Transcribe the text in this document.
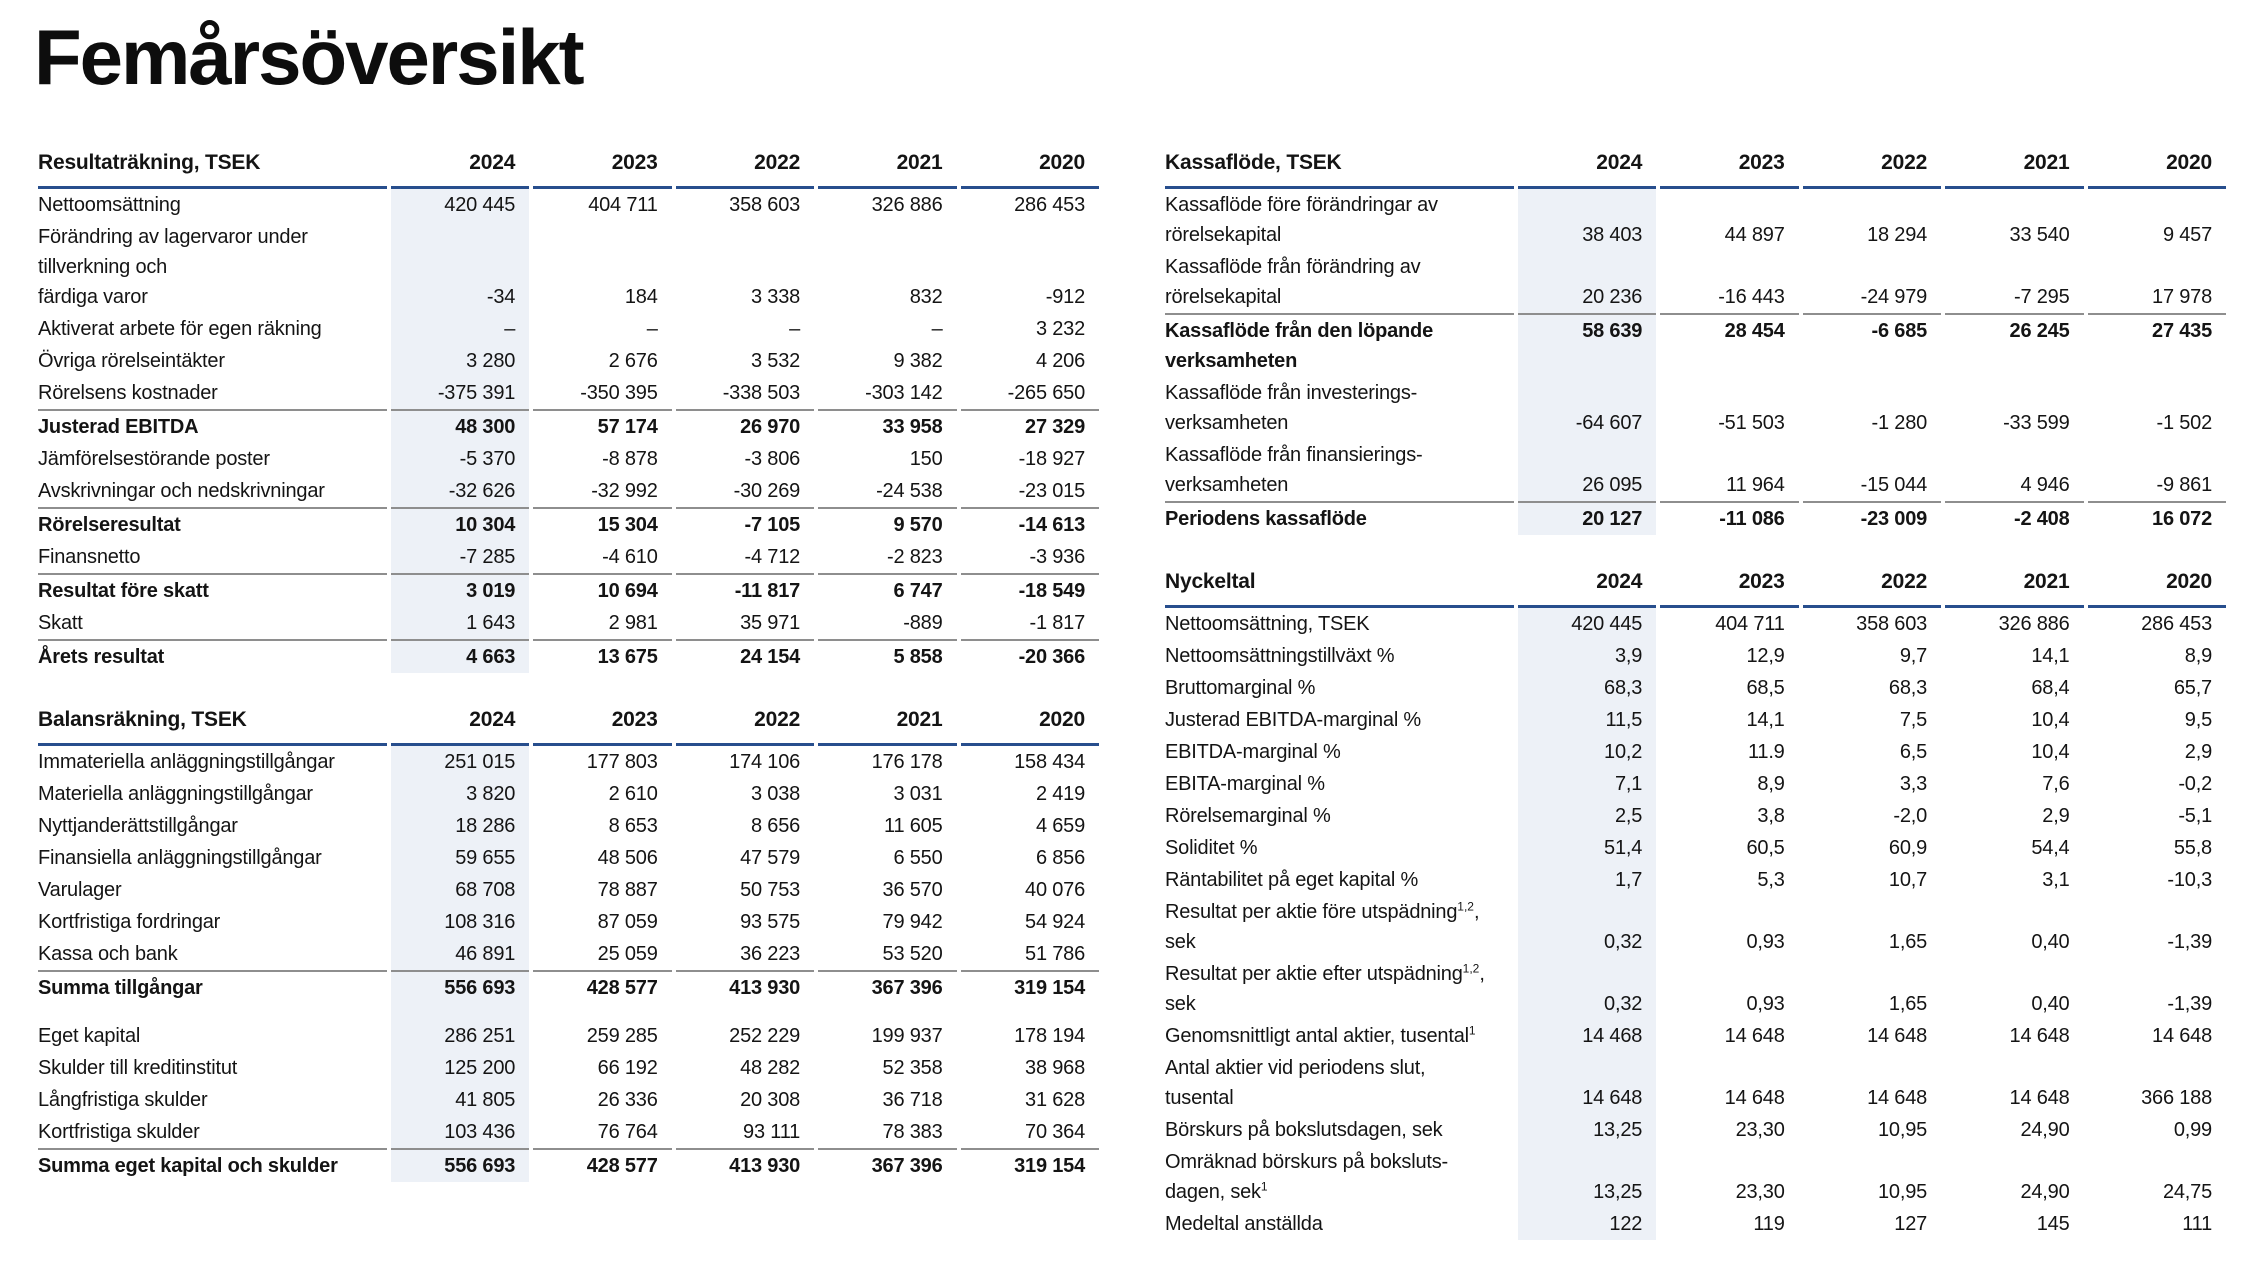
Femårsöversikt
Resultaträkning, TSEK	2024	2023	2022	2021	2020
Nettoomsättning	420 445	404 711	358 603	326 886	286 453
Förändring av lagervaror under
tillverkning och
färdiga varor	-34	184	3 338	832	-912
Aktiverat arbete för egen räkning	–	–	–	–	3 232
Övriga rörelseintäkter	3 280	2 676	3 532	9 382	4 206
Rörelsens kostnader	-375 391	-350 395	-338 503	-303 142	-265 650
Justerad EBITDA	48 300	57 174	26 970	33 958	27 329
Jämförelsestörande poster	-5 370	-8 878	-3 806	150	-18 927
Avskrivningar och nedskrivningar	-32 626	-32 992	-30 269	-24 538	-23 015
Rörelseresultat	10 304	15 304	-7 105	9 570	-14 613
Finansnetto	-7 285	-4 610	-4 712	-2 823	-3 936
Resultat före skatt	3 019	10 694	-11 817	6 747	-18 549
Skatt	1 643	2 981	35 971	-889	-1 817
Årets resultat	4 663	13 675	24 154	5 858	-20 366
Balansräkning, TSEK	2024	2023	2022	2021	2020
Immateriella anläggningstillgångar	251 015	177 803	174 106	176 178	158 434
Materiella anläggningstillgångar	3 820	2 610	3 038	3 031	2 419
Nyttjanderättstillgångar	18 286	8 653	8 656	11 605	4 659
Finansiella anläggningstillgångar	59 655	48 506	47 579	6 550	6 856
Varulager	68 708	78 887	50 753	36 570	40 076
Kortfristiga fordringar	108 316	87 059	93 575	79 942	54 924
Kassa och bank	46 891	25 059	36 223	53 520	51 786
Summa tillgångar	556 693	428 577	413 930	367 396	319 154
Eget kapital	286 251	259 285	252 229	199 937	178 194
Skulder till kreditinstitut	125 200	66 192	48 282	52 358	38 968
Långfristiga skulder	41 805	26 336	20 308	36 718	31 628
Kortfristiga skulder	103 436	76 764	93 111	78 383	70 364
Summa eget kapital och skulder	556 693	428 577	413 930	367 396	319 154
Kassaflöde, TSEK	2024	2023	2022	2021	2020
Kassaflöde före förändringar av
rörelsekapital	38 403	44 897	18 294	33 540	9 457
Kassaflöde från förändring av
rörelsekapital	20 236	-16 443	-24 979	-7 295	17 978
Kassaflöde från den löpande
verksamheten	58 639	28 454	-6 685	26 245	27 435
Kassaflöde från investerings-
verksamheten	-64 607	-51 503	-1 280	-33 599	-1 502
Kassaflöde från finansierings-
verksamheten	26 095	11 964	-15 044	4 946	-9 861
Periodens kassaflöde	20 127	-11 086	-23 009	-2 408	16 072
Nyckeltal	2024	2023	2022	2021	2020
Nettoomsättning, TSEK	420 445	404 711	358 603	326 886	286 453
Nettoomsättningstillväxt %	3,9	12,9	9,7	14,1	8,9
Bruttomarginal %	68,3	68,5	68,3	68,4	65,7
Justerad EBITDA-marginal %	11,5	14,1	7,5	10,4	9,5
EBITDA-marginal %	10,2	11.9	6,5	10,4	2,9
EBITA-marginal %	7,1	8,9	3,3	7,6	-0,2
Rörelsemarginal %	2,5	3,8	-2,0	2,9	-5,1
Soliditet %	51,4	60,5	60,9	54,4	55,8
Räntabilitet på eget kapital %	1,7	5,3	10,7	3,1	-10,3
Resultat per aktie före utspädning$^{1,2}$,
sek	0,32	0,93	1,65	0,40	-1,39
Resultat per aktie efter utspädning$^{1,2}$,
sek	0,32	0,93	1,65	0,40	-1,39
Genomsnittligt antal aktier, tusental$^1$	14 468	14 648	14 648	14 648	14 648
Antal aktier vid periodens slut,
tusental	14 648	14 648	14 648	14 648	366 188
Börskurs på bokslutsdagen, sek	13,25	23,30	10,95	24,90	0,99
Omräknad börskurs på boksluts-
dagen, sek$^1$	13,25	23,30	10,95	24,90	24,75
Medeltal anställda	122	119	127	145	111
